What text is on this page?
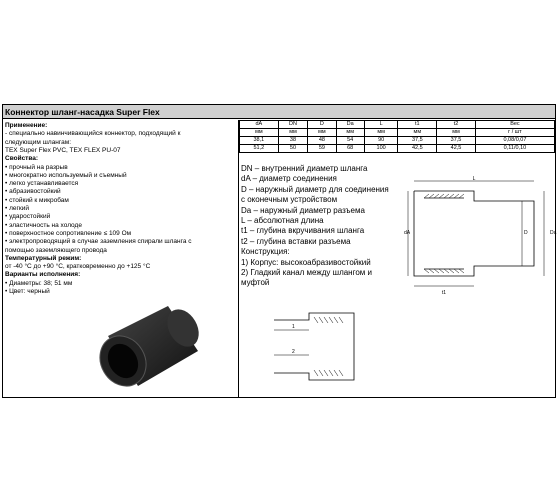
Коннектор шланг-насадка Super Flex
Применение:
- специально навинчивающийся коннектор, подходящий к
следующим шлангам:
TEX Super Flex PVC, TEX FLEX PU-07
Свойства:
• прочный на разрыв
• многократно используемый и съемный
• легко устанавливается
• абразивостойкий
• стойкий к микробам
• легкий
• ударостойкий
• эластичность на холоде
• поверхностное сопротивление ≤ 109 Ом
• электропроводящий в случае заземления спирали шланга с
помощью заземляющего провода
Температурный режим:
от -40 °С до +90 °С, кратковременно до +125 °С
Варианты исполнения:
• Диаметры: 38; 51 мм
• Цвет: черный
dA	DN	D	Da	L	t1	t2	Вес
мм	мм	мм	мм	мм	мм	мм	г / шт
38,1	38	48	54	90	37,5	37,5	0,08/0,07
51,2	50	59	68	100	42,5	42,5	0,11/0,10
DN – внутренний диаметр шланга
dA – диаметр соединения
D – наружный диаметр для соединения
с оконечным устройством
Da – наружный диаметр разъема
L – абсолютная длина
t1 – глубина вкручивания шланга
t2 – глубина вставки разъема
Конструкция:
1) Корпус: высокоабразивостойкий
2) Гладкий канал между шлангом и
муфтой
L
t1
Da
D
dA
1
2
